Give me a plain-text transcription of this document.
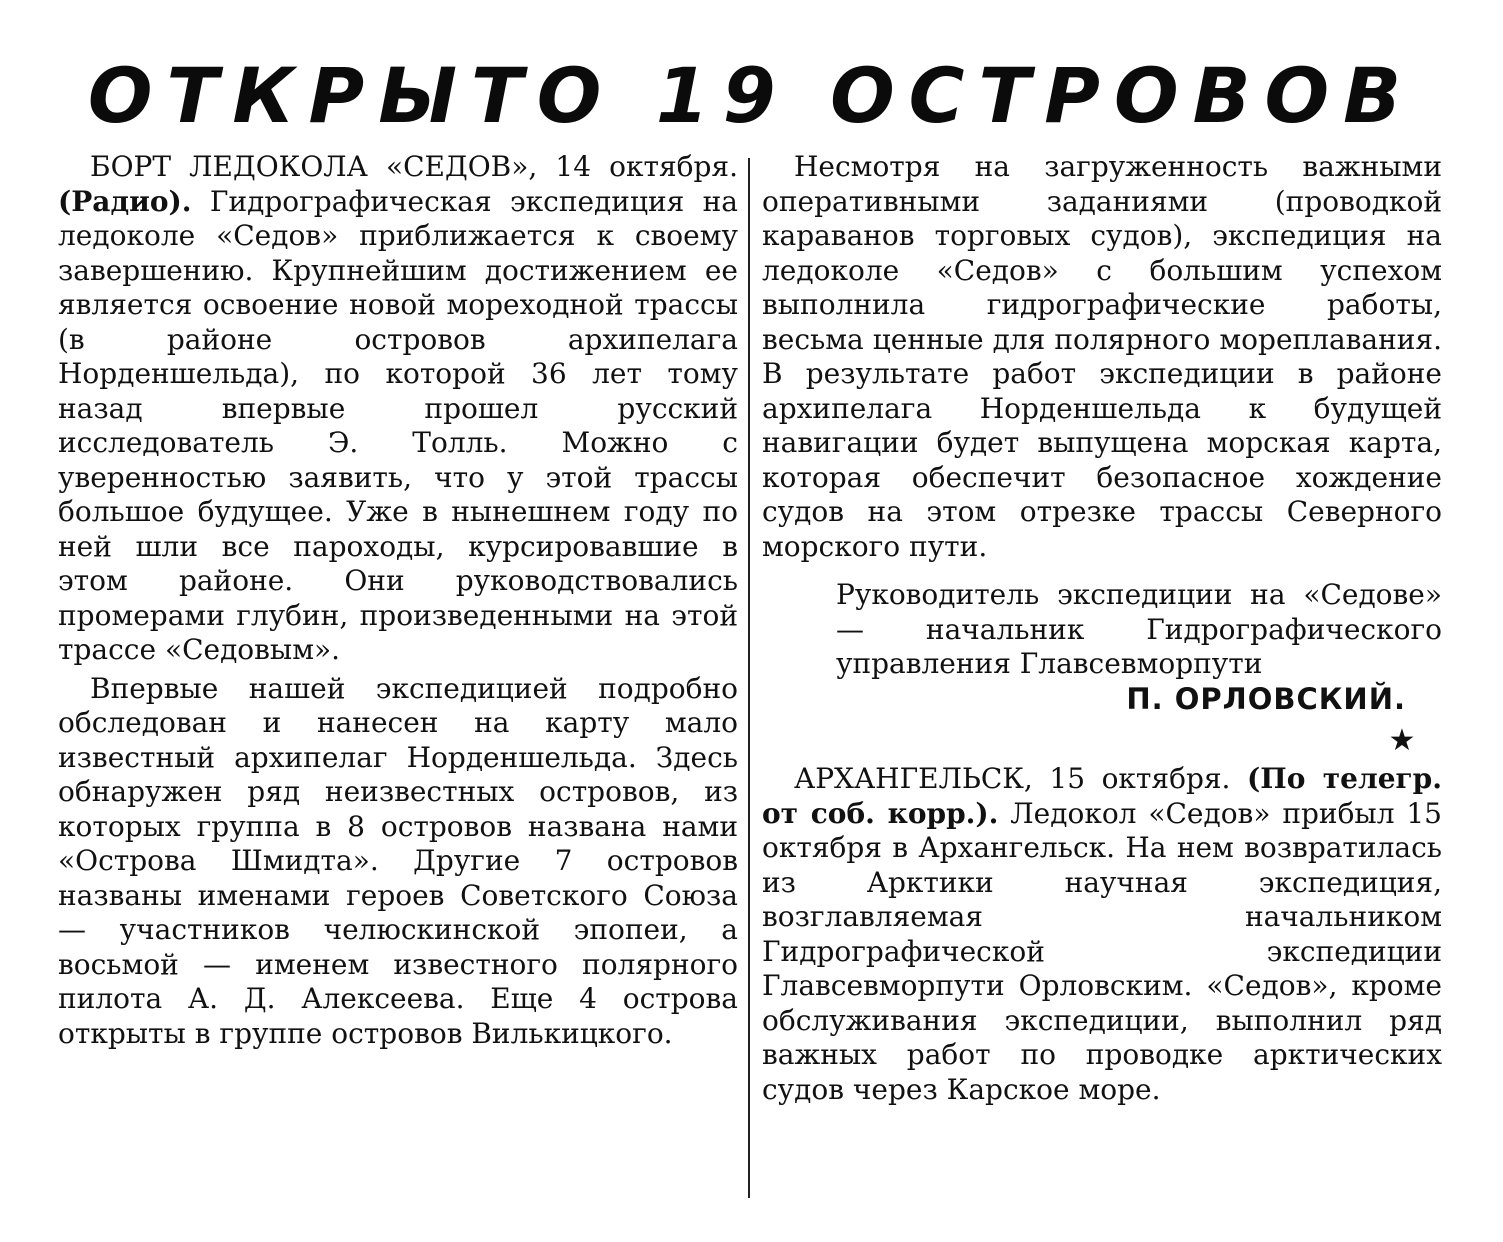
ОТКРЫТО 19 ОСТРОВОВ

БОРТ ЛЕДОКОЛА «СЕДОВ», 14 октября. (Радио). Гидрографическая экспедиция на ледоколе «Седов» приближается к своему завершению. Крупнейшим достижением ее является освоение новой мореходной трассы (в районе островов архипелага Норденшельда), по которой 36 лет тому назад впервые прошел русский исследователь Э. Толль. Можно с уверенностью заявить, что у этой трассы большое будущее. Уже в нынешнем году по ней шли все пароходы, курсировавшие в этом районе. Они руководствовались промерами глубин, произведенными на этой трассе «Седовым».

Впервые нашей экспедицией подробно обследован и нанесен на карту мало известный архипелаг Норденшельда. Здесь обнаружен ряд неизвестных островов, из которых группа в 8 островов названа нами «Острова Шмидта». Другие 7 островов названы именами героев Советского Союза — участников челюскинской эпопеи, а восьмой — именем известного полярного пилота А. Д. Алексеева. Еще 4 острова открыты в группе островов Вилькицкого.

Несмотря на загруженность важными оперативными заданиями (проводкой караванов торговых судов), экспедиция на ледоколе «Седов» с большим успехом выполнила гидрографические работы, весьма ценные для полярного мореплавания. В результате работ экспедиции в районе архипелага Норденшельда к будущей навигации будет выпущена морская карта, которая обеспечит безопасное хождение судов на этом отрезке трассы Северного морского пути.

Руководитель экспедиции на «Седове» — начальник Гидрографического управления Главсевморпути
П. ОРЛОВСКИЙ.
★

АРХАНГЕЛЬСК, 15 октября. (По телегр. от соб. корр.). Ледокол «Седов» прибыл 15 октября в Архангельск. На нем возвратилась из Арктики научная экспедиция, возглавляемая начальником Гидрографической экспедиции Главсевморпути Орловским. «Седов», кроме обслуживания экспедиции, выполнил ряд важных работ по проводке арктических судов через Карское море.
